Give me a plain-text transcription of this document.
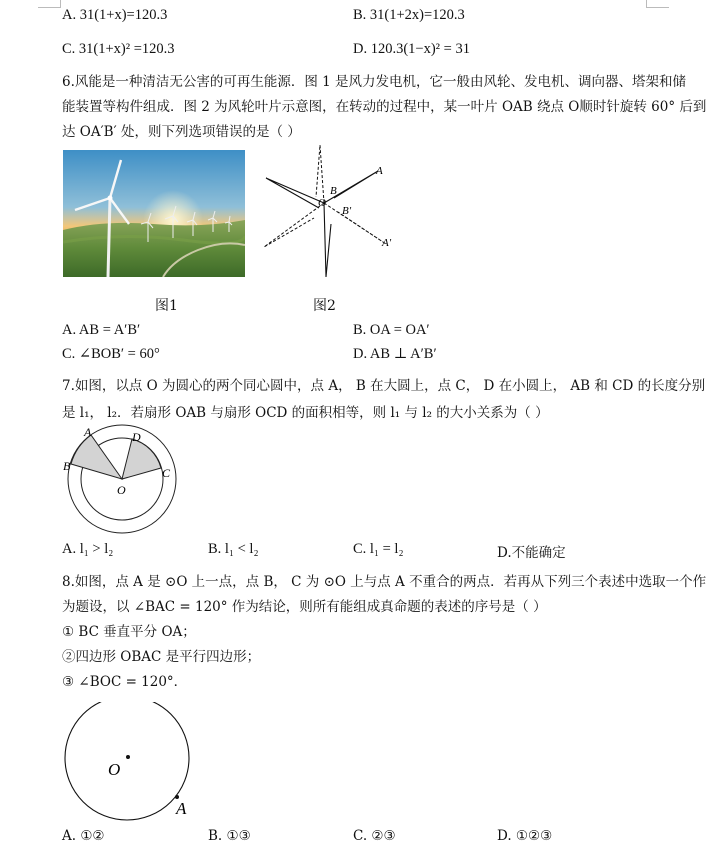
A. 31(1+x)=120.3	B. 31(1+2x)=120.3
C. 31(1+x)² =120.3	D. 120.3(1−x)² = 31
6.风能是一种清洁无公害的可再生能源．图 1 是风力发电机，它一般由风轮、发电机、调向器、塔架和储
能装置等构件组成．图 2 为风轮叶片示意图，在转动的过程中，某一叶片 OAB 绕点 O顺时针旋转 60° 后到
达 OA′B′ 处，则下列选项错误的是（ ）
A
B
O
B′
A′
图1	图2
A. AB = A′B′	B. OA = OA′
C. ∠BOB′ = 60°	D. AB ⊥ A′B′
7.如图，以点 O 为圆心的两个同心圆中，点 A， B 在大圆上，点 C， D 在小圆上， AB 和 CD 的长度分别
是 l₁， l₂．若扇形 OAB 与扇形 OCD 的面积相等，则 l₁ 与 l₂ 的大小关系为（ ）
A
B
D
C
O
A. l₁ > l₂	B. l₁ < l₂	C. l₁ = l₂	D.不能确定
8.如图，点 A 是 ⊙O 上一点，点 B， C 为 ⊙O 上与点 A 不重合的两点．若再从下列三个表述中选取一个作
为题设，以 ∠BAC = 120° 作为结论，则所有能组成真命题的表述的序号是（ ）
① BC 垂直平分 OA；
②四边形 OBAC 是平行四边形；
③ ∠BOC = 120°．
O
A
A. ①②	B. ①③	C. ②③	D. ①②③
